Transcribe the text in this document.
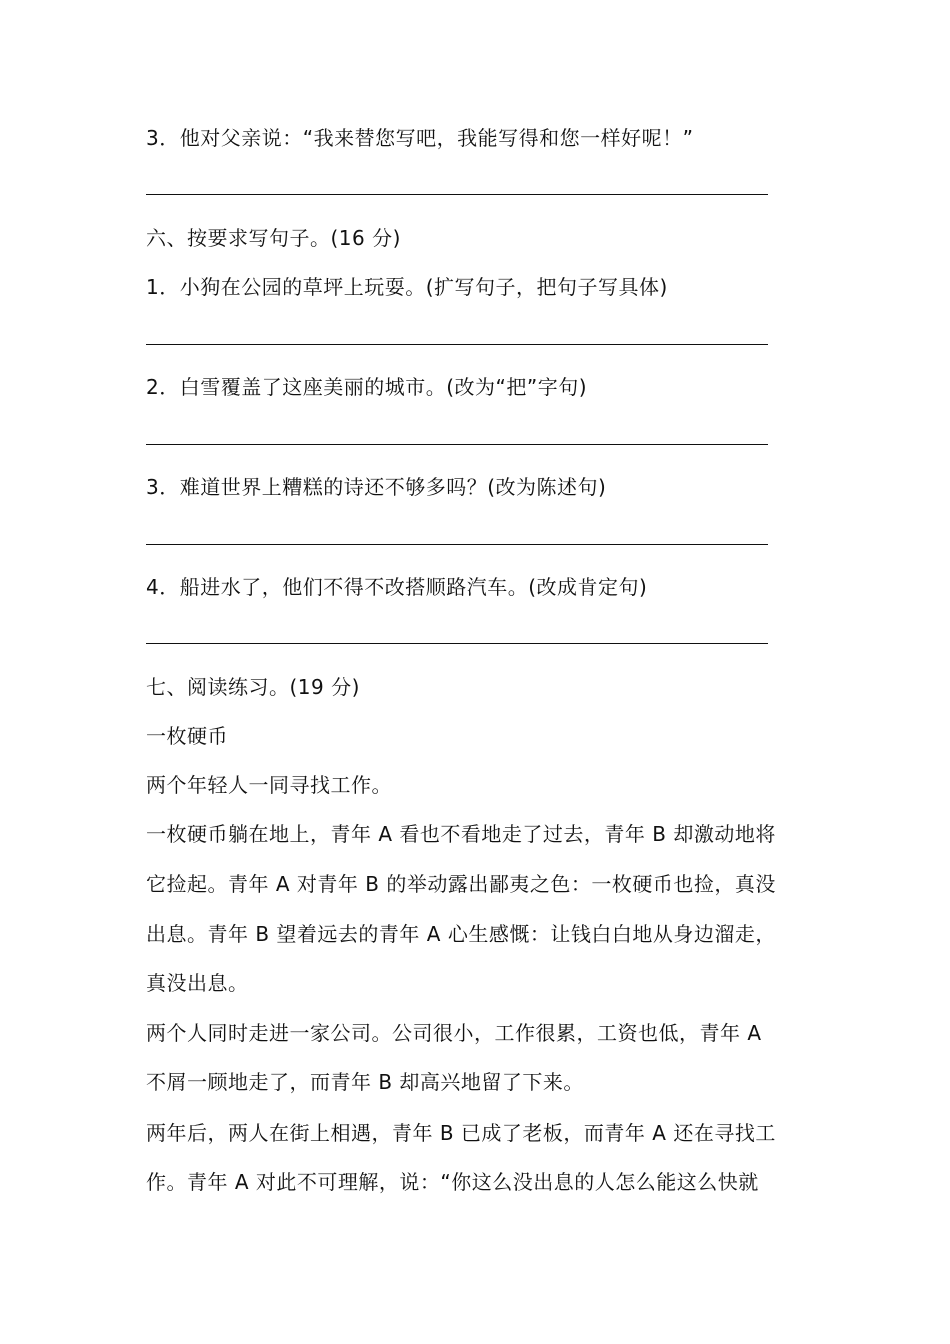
3．他对父亲说：“我来替您写吧，我能写得和您一样好呢！”
六、按要求写句子。(16 分)
1．小狗在公园的草坪上玩耍。(扩写句子，把句子写具体)
2．白雪覆盖了这座美丽的城市。(改为“把”字句)
3．难道世界上糟糕的诗还不够多吗？(改为陈述句)
4．船进水了，他们不得不改搭顺路汽车。(改成肯定句)
七、阅读练习。(19 分)
一枚硬币
两个年轻人一同寻找工作。
一枚硬币躺在地上，青年 A 看也不看地走了过去，青年 B 却激动地将
它捡起。青年 A 对青年 B 的举动露出鄙夷之色：一枚硬币也捡，真没
出息。青年 B 望着远去的青年 A 心生感慨：让钱白白地从身边溜走，
真没出息。
两个人同时走进一家公司。公司很小，工作很累，工资也低，青年 A
不屑一顾地走了，而青年 B 却高兴地留了下来。
两年后，两人在街上相遇，青年 B 已成了老板，而青年 A 还在寻找工
作。青年 A 对此不可理解，说：“你这么没出息的人怎么能这么快就
